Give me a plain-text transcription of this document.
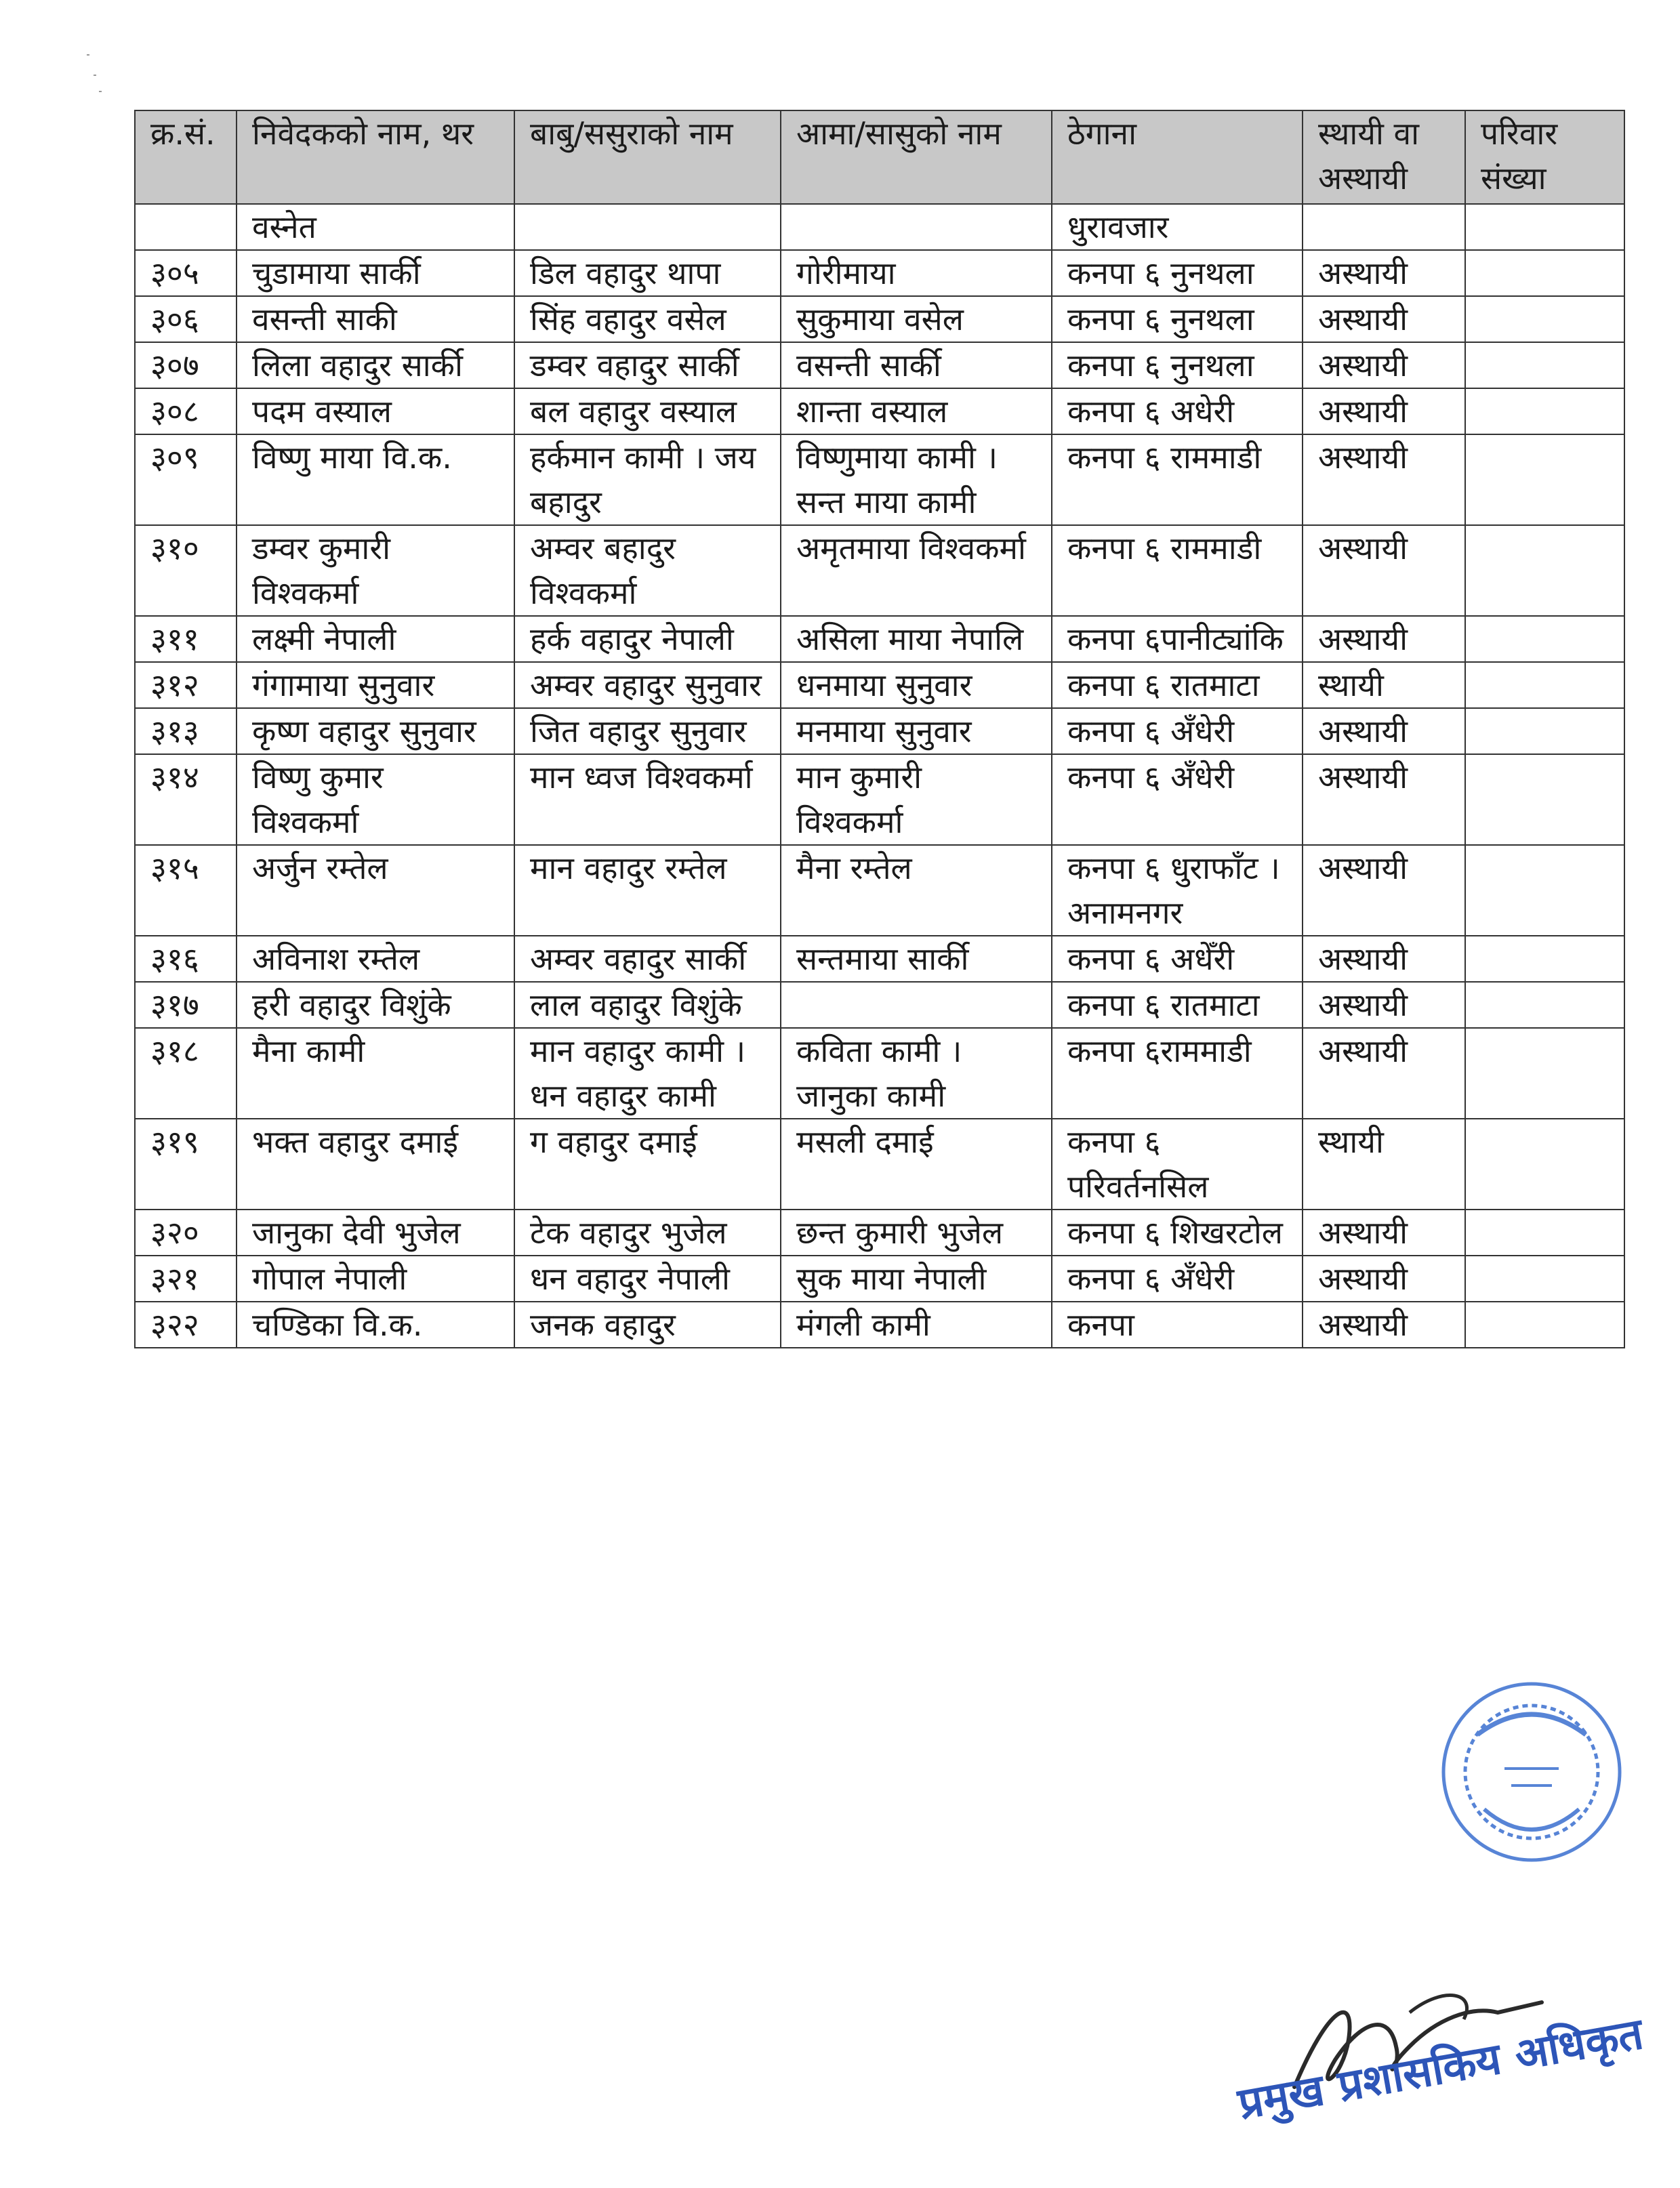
क्र.सं.	निवेदकको नाम, थर	बाबु/ससुराको नाम	आमा/सासुको नाम	ठेगाना	स्थायी वा अस्थायी	परिवार संख्या
	वस्नेत			धुरावजार		
३०५	चुडामाया सार्की	डिल वहादुर थापा	गोरीमाया	कनपा ६ नुनथला	अस्थायी	
३०६	वसन्ती साकी	सिंह वहादुर वसेल	सुकुमाया वसेल	कनपा ६ नुनथला	अस्थायी	
३०७	लिला वहादुर सार्की	डम्वर वहादुर सार्की	वसन्ती सार्की	कनपा ६ नुनथला	अस्थायी	
३०८	पदम वस्याल	बल वहादुर वस्याल	शान्ता वस्याल	कनपा ६ अधेरी	अस्थायी	
३०९	विष्णु माया वि.क.	हर्कमान कामी । जय बहादुर	विष्णुमाया कामी । सन्त माया कामी	कनपा ६ राममाडी	अस्थायी	
३१०	डम्वर कुमारी विश्वकर्मा	अम्वर बहादुर विश्वकर्मा	अमृतमाया विश्वकर्मा	कनपा ६ राममाडी	अस्थायी	
३११	लक्ष्मी नेपाली	हर्क वहादुर नेपाली	असिला माया नेपालि	कनपा ६पानीट्यांकि	अस्थायी	
३१२	गंगामाया सुनुवार	अम्वर वहादुर सुनुवार	धनमाया सुनुवार	कनपा ६ रातमाटा	स्थायी	
३१३	कृष्ण वहादुर सुनुवार	जित वहादुर सुनुवार	मनमाया सुनुवार	कनपा ६ अँधेरी	अस्थायी	
३१४	विष्णु कुमार विश्वकर्मा	मान ध्वज विश्वकर्मा	मान कुमारी विश्वकर्मा	कनपा ६ अँधेरी	अस्थायी	
३१५	अर्जुन रम्तेल	मान वहादुर रम्तेल	मैना रम्तेल	कनपा ६ धुराफाँट ।अनामनगर	अस्थायी	
३१६	अविनाश रम्तेल	अम्वर वहादुर सार्की	सन्तमाया सार्की	कनपा ६ अधेँरी	अस्थायी	
३१७	हरी वहादुर विशुंके	लाल वहादुर विशुंके		कनपा ६ रातमाटा	अस्थायी	
३१८	मैना कामी	मान वहादुर कामी । धन वहादुर कामी	कविता कामी । जानुका कामी	कनपा ६राममाडी	अस्थायी	
३१९	भक्त वहादुर दमाई	ग वहादुर दमाई	मसली दमाई	कनपा ६ परिवर्तनसिल	स्थायी	
३२०	जानुका देवी भुजेल	टेक वहादुर भुजेल	छन्त कुमारी भुजेल	कनपा ६ शिखरटोल	अस्थायी	
३२१	गोपाल नेपाली	धन वहादुर नेपाली	सुक माया नेपाली	कनपा ६ अँधेरी	अस्थायी	
३२२	चण्डिका वि.क.	जनक वहादुर	मंगली कामी	कनपा	अस्थायी	
प्रमुख प्रशासकिय अधिकृत
